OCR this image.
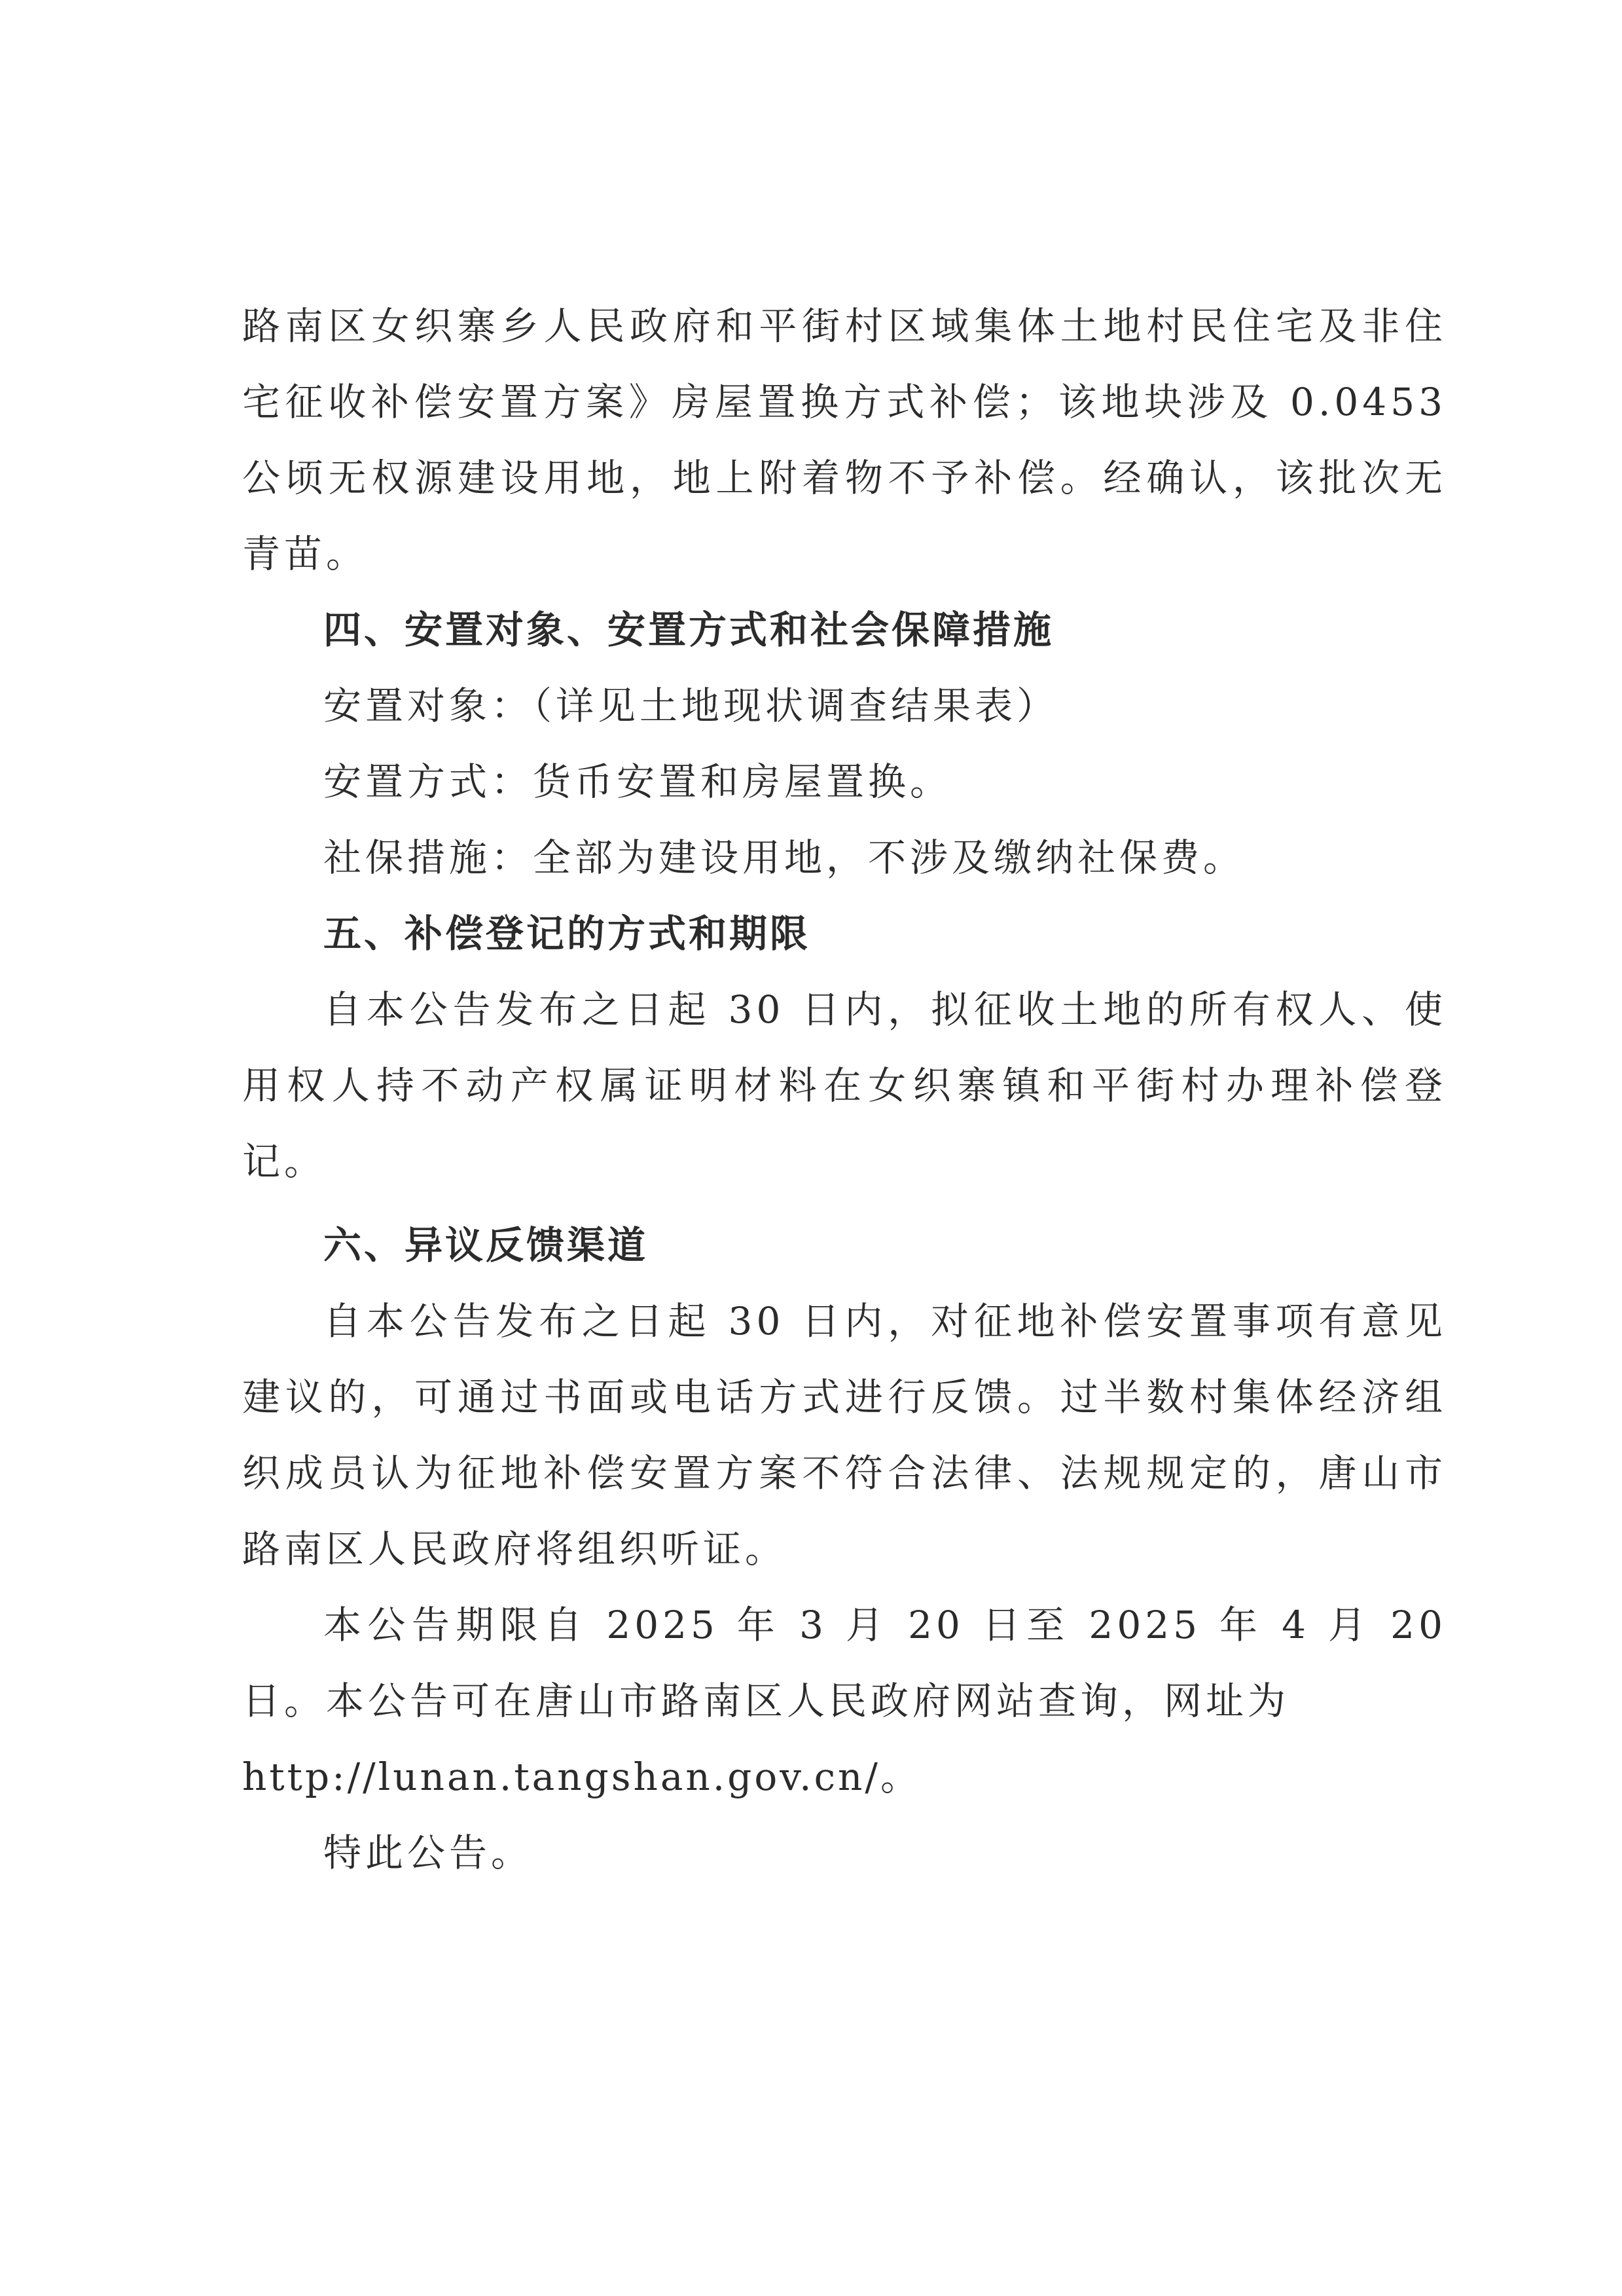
路南区女织寨乡人民政府和平街村区域集体土地村民住宅及非住宅征收补偿安置方案》房屋置换方式补偿；该地块涉及 0.0453 公顷无权源建设用地，地上附着物不予补偿。经确认，该批次无青苗。

四、安置对象、安置方式和社会保障措施

安置对象：（详见土地现状调查结果表）

安置方式：货币安置和房屋置换。

社保措施：全部为建设用地，不涉及缴纳社保费。

五、补偿登记的方式和期限

自本公告发布之日起 30 日内，拟征收土地的所有权人、使用权人持不动产权属证明材料在女织寨镇和平街村办理补偿登记。

六、异议反馈渠道

自本公告发布之日起 30 日内，对征地补偿安置事项有意见建议的，可通过书面或电话方式进行反馈。过半数村集体经济组织成员认为征地补偿安置方案不符合法律、法规规定的，唐山市路南区人民政府将组织听证。

本公告期限自 2025 年 3 月 20 日至 2025 年 4 月 20 日。本公告可在唐山市路南区人民政府网站查询，网址为
http://lunan.tangshan.gov.cn/。

特此公告。
